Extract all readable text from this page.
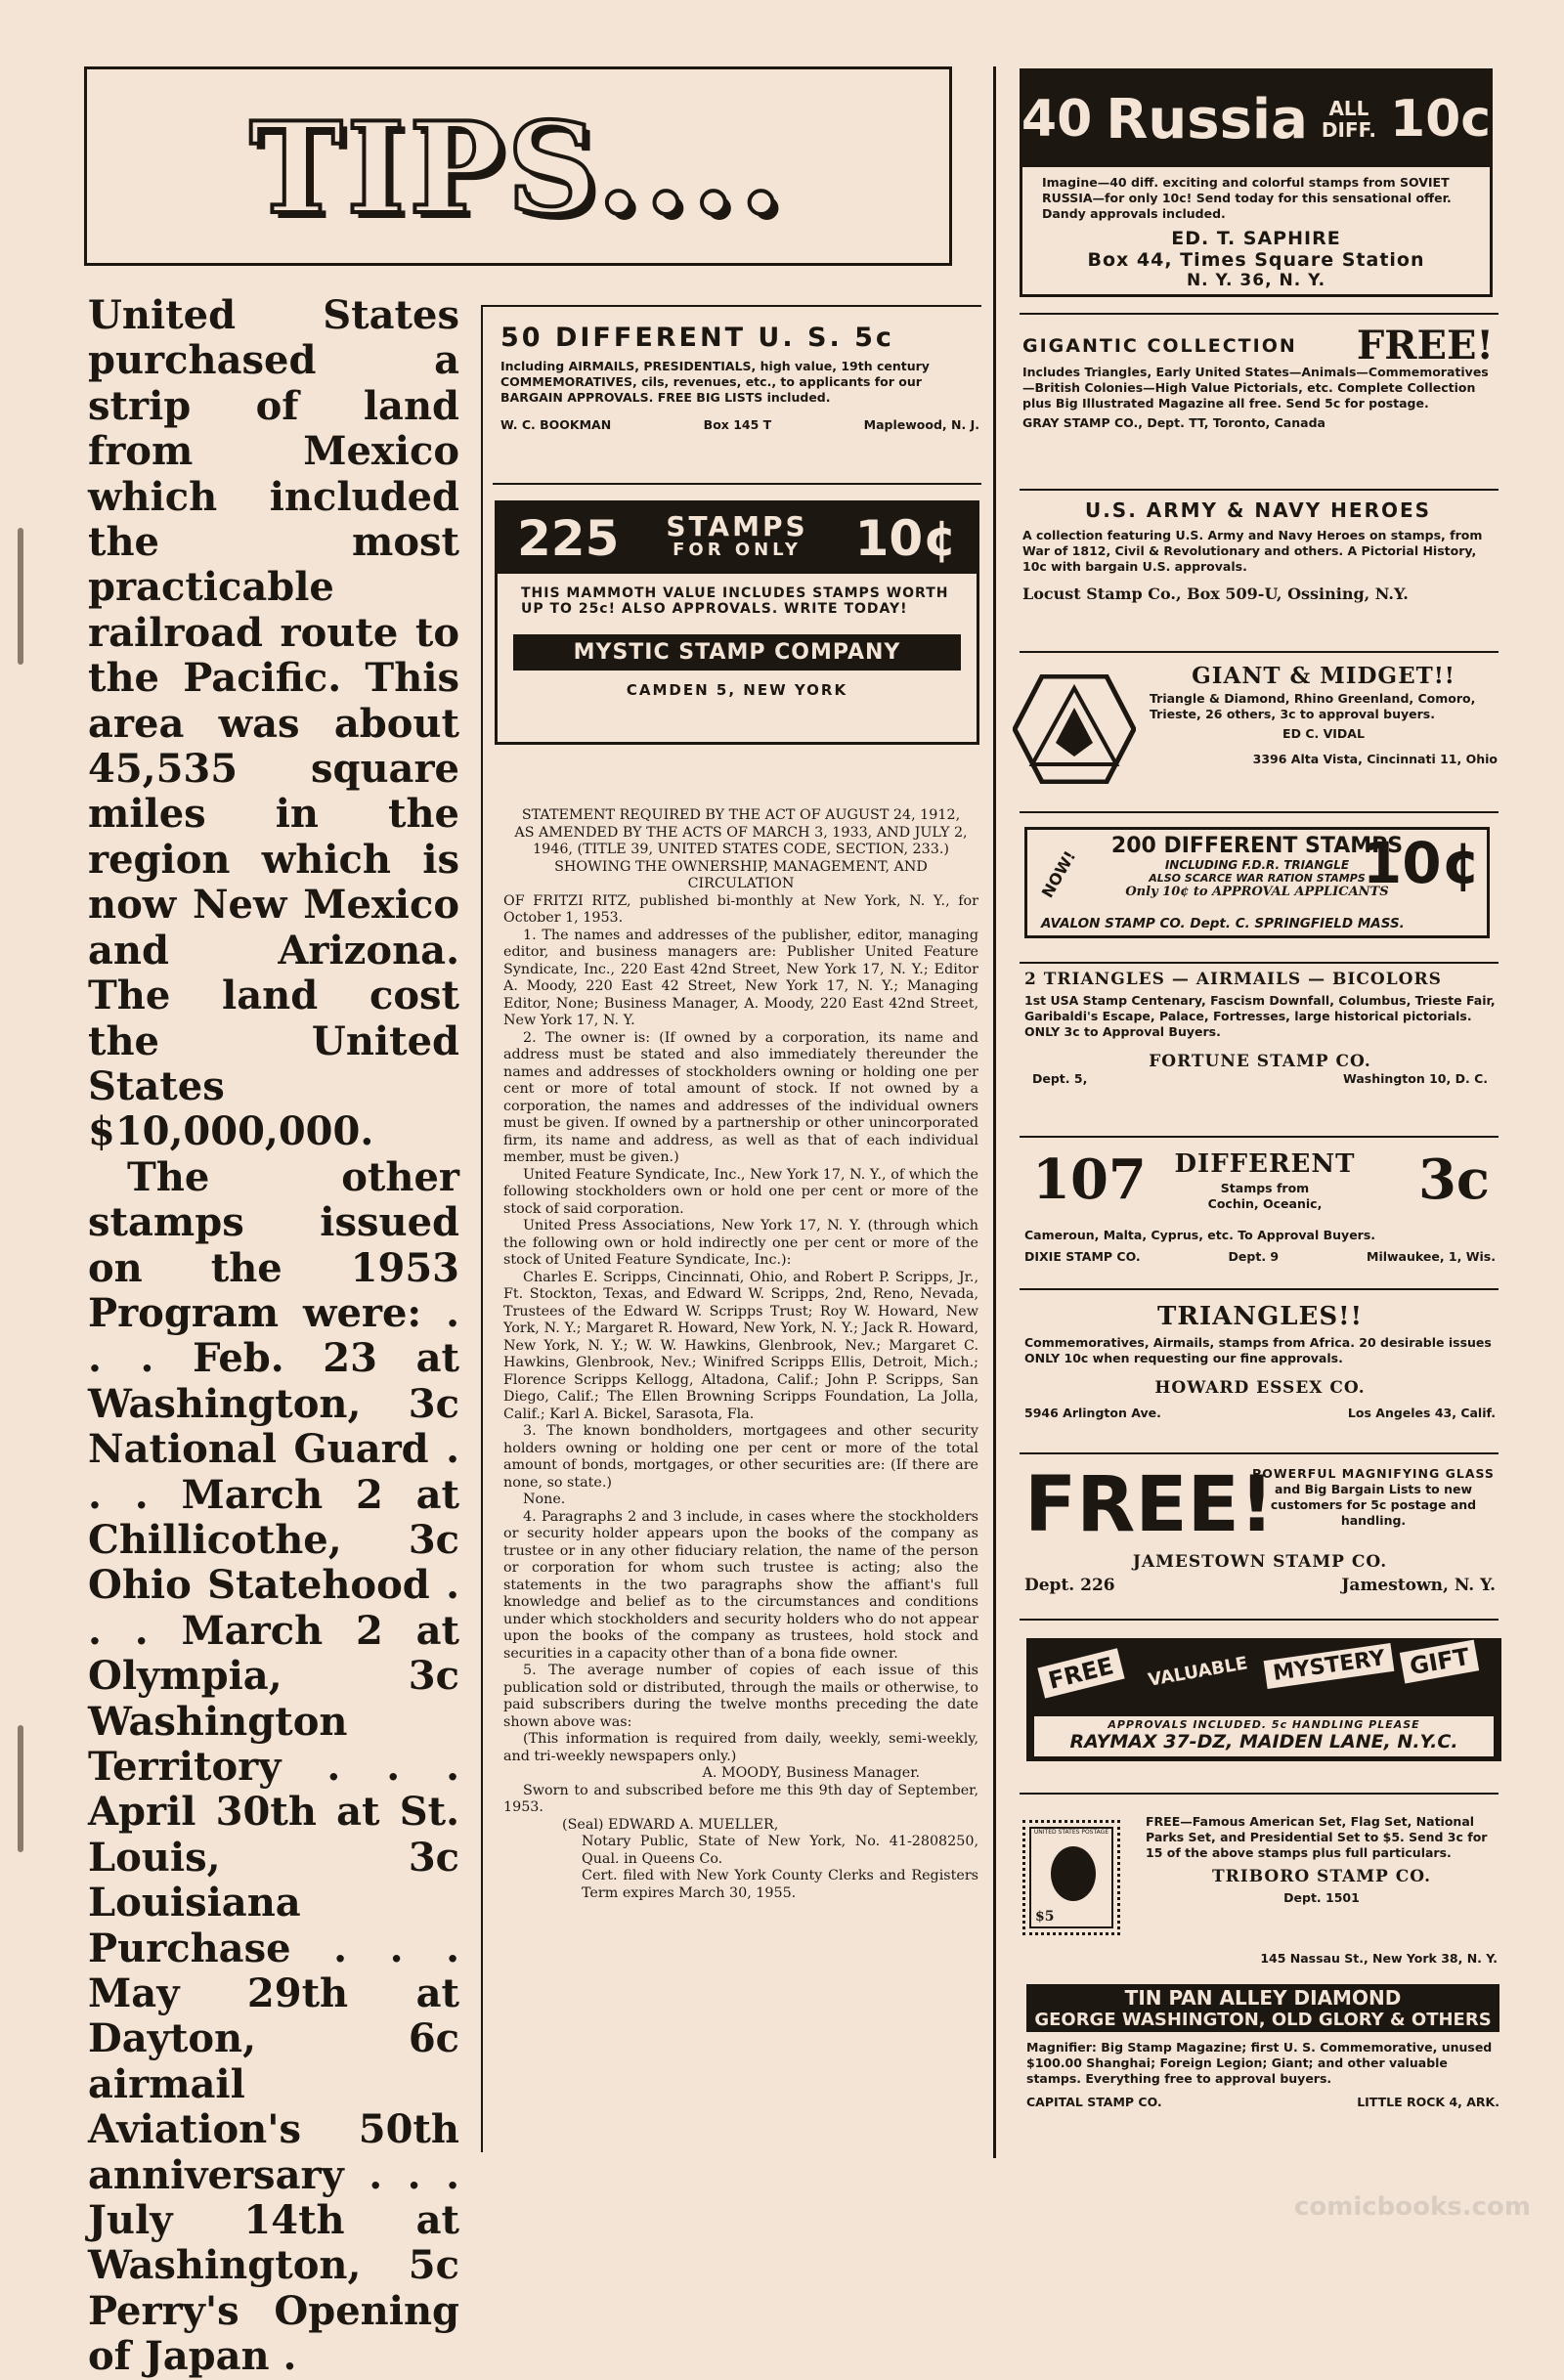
TIPS....

United States purchased a strip of land from Mexico which included the most practicable railroad route to the Pacific. This area was about 45,535 square miles in the region which is now New Mexico and Arizona. The land cost the United States $10,000,000.

The other stamps issued on the 1953 Program were: . . . Feb. 23 at Washington, 3c National Guard . . . March 2 at Chillicothe, 3c Ohio Statehood . . . March 2 at Olympia, 3c Washington Territory . . . April 30th at St. Louis, 3c Louisiana Purchase . . . May 29th at Dayton, 6c airmail Aviation's 50th anniversary . . . July 14th at Washington, 5c Perry's Opening of Japan .

50 DIFFERENT U. S. 5c
Including AIRMAILS, PRESIDENTIALS, high value, 19th century COMMEMORATIVES, cils, revenues, etc., to applicants for our BARGAIN APPROVALS. FREE BIG LISTS included.
W. C. BOOKMAN	Box 145 T	Maplewood, N. J.
225 STAMPS
FOR ONLY 10¢
THIS MAMMOTH VALUE INCLUDES STAMPS WORTH UP TO 25c! ALSO APPROVALS. WRITE TODAY!
MYSTIC STAMP COMPANY
CAMDEN 5, NEW YORK

STATEMENT REQUIRED BY THE ACT OF AUGUST 24, 1912, AS AMENDED BY THE ACTS OF MARCH 3, 1933, AND JULY 2, 1946, (TITLE 39, UNITED STATES CODE, SECTION, 233.) SHOWING THE OWNERSHIP, MANAGEMENT, AND CIRCULATION

OF FRITZI RITZ, published bi-monthly at New York, N. Y., for October 1, 1953.

1. The names and addresses of the publisher, editor, managing editor, and business managers are: Publisher United Feature Syndicate, Inc., 220 East 42nd Street, New York 17, N. Y.; Editor A. Moody, 220 East 42 Street, New York 17, N. Y.; Managing Editor, None; Business Manager, A. Moody, 220 East 42nd Street, New York 17, N. Y.

2. The owner is: (If owned by a corporation, its name and address must be stated and also immediately thereunder the names and addresses of stockholders owning or holding one per cent or more of total amount of stock. If not owned by a corporation, the names and addresses of the individual owners must be given. If owned by a partnership or other unincorporated firm, its name and address, as well as that of each individual member, must be given.)

United Feature Syndicate, Inc., New York 17, N. Y., of which the following stockholders own or hold one per cent or more of the stock of said corporation.

United Press Associations, New York 17, N. Y. (through which the following own or hold indirectly one per cent or more of the stock of United Feature Syndicate, Inc.):

Charles E. Scripps, Cincinnati, Ohio, and Robert P. Scripps, Jr., Ft. Stockton, Texas, and Edward W. Scripps, 2nd, Reno, Nevada, Trustees of the Edward W. Scripps Trust; Roy W. Howard, New York, N. Y.; Margaret R. Howard, New York, N. Y.; Jack R. Howard, New York, N. Y.; W. W. Hawkins, Glenbrook, Nev.; Margaret C. Hawkins, Glenbrook, Nev.; Winifred Scripps Ellis, Detroit, Mich.; Florence Scripps Kellogg, Altadona, Calif.; John P. Scripps, San Diego, Calif.; The Ellen Browning Scripps Foundation, La Jolla, Calif.; Karl A. Bickel, Sarasota, Fla.

3. The known bondholders, mortgagees and other security holders owning or holding one per cent or more of the total amount of bonds, mortgages, or other securities are: (If there are none, so state.)

None.

4. Paragraphs 2 and 3 include, in cases where the stockholders or security holder appears upon the books of the company as trustee or in any other fiduciary relation, the name of the person or corporation for whom such trustee is acting; also the statements in the two paragraphs show the affiant's full knowledge and belief as to the circumstances and conditions under which stockholders and security holders who do not appear upon the books of the company as trustees, hold stock and securities in a capacity other than of a bona fide owner.

5. The average number of copies of each issue of this publication sold or distributed, through the mails or otherwise, to paid subscribers during the twelve months preceding the date shown above was:

(This information is required from daily, weekly, semi-weekly, and tri-weekly newspapers only.)

A. MOODY, Business Manager.

Sworn to and subscribed before me this 9th day of September, 1953.

(Seal) EDWARD A. MUELLER,

Notary Public, State of New York, No. 41-2808250, Qual. in Queens Co.

Cert. filed with New York County Clerks and Registers Term expires March 30, 1955.

40 Russia	ALL
DIFF. 10c
Imagine—40 diff. exciting and colorful stamps from SOVIET RUSSIA—for only 10c! Send today for this sensational offer. Dandy approvals included.
ED. T. SAPHIRE
Box 44, Times Square Station
N. Y. 36, N. Y.
GIGANTIC COLLECTION FREE!
Includes Triangles, Early United States—Animals—Commemoratives—British Colonies—High Value Pictorials, etc. Complete Collection plus Big Illustrated Magazine all free. Send 5c for postage.
GRAY STAMP CO., Dept. TT, Toronto, Canada
U.S. ARMY & NAVY HEROES
A collection featuring U.S. Army and Navy Heroes on stamps, from War of 1812, Civil & Revolutionary and others. A Pictorial History, 10c with bargain U.S. approvals.
Locust Stamp Co., Box 509-U, Ossining, N.Y.
GIANT & MIDGET!!
Triangle & Diamond, Rhino Greenland, Comoro, Trieste, 26 others, 3c to approval buyers.
ED C. VIDAL
3396 Alta Vista, Cincinnati 11, Ohio
NOW!
200 DIFFERENT STAMPS
INCLUDING F.D.R. TRIANGLE
ALSO SCARCE WAR RATION STAMPS
Only 10¢ to APPROVAL APPLICANTS
10¢
AVALON STAMP CO. Dept. C. SPRINGFIELD MASS.
2 TRIANGLES — AIRMAILS — BICOLORS
1st USA Stamp Centenary, Fascism Downfall, Columbus, Trieste Fair, Garibaldi's Escape, Palace, Fortresses, large historical pictorials. ONLY 3c to Approval Buyers.
FORTUNE STAMP CO.
Dept. 5,	Washington 10, D. C.
107 DIFFERENT
Stamps from Cochin, Oceanic, 3c
Cameroun, Malta, Cyprus, etc. To Approval Buyers.
DIXIE STAMP CO.	Dept. 9	Milwaukee, 1, Wis.
TRIANGLES!!
Commemoratives, Airmails, stamps from Africa. 20 desirable issues ONLY 10c when requesting our fine approvals.
HOWARD ESSEX CO.
5946 Arlington Ave.	Los Angeles 43, Calif.
FREE!
POWERFUL MAGNIFYING GLASS
and Big Bargain Lists to new customers for 5c postage and handling.
JAMESTOWN STAMP CO.
Dept. 226	Jamestown, N. Y.
FREE	VALUABLE	MYSTERY GIFT
APPROVALS INCLUDED. 5c HANDLING PLEASE
RAYMAX 37-DZ, MAIDEN LANE, N.Y.C.
UNITED STATES POSTAGE
$5
FREE—Famous American Set, Flag Set, National Parks Set, and Presidential Set to $5. Send 3c for 15 of the above stamps plus full particulars.
TRIBORO STAMP CO.
Dept. 1501
145 Nassau St., New York 38, N. Y.
TIN PAN ALLEY DIAMOND
GEORGE WASHINGTON, OLD GLORY & OTHERS
Magnifier: Big Stamp Magazine; first U. S. Commemorative, unused $100.00 Shanghai; Foreign Legion; Giant; and other valuable stamps. Everything free to approval buyers.
CAPITAL STAMP CO.	LITTLE ROCK 4, ARK.
comicbooks.com
